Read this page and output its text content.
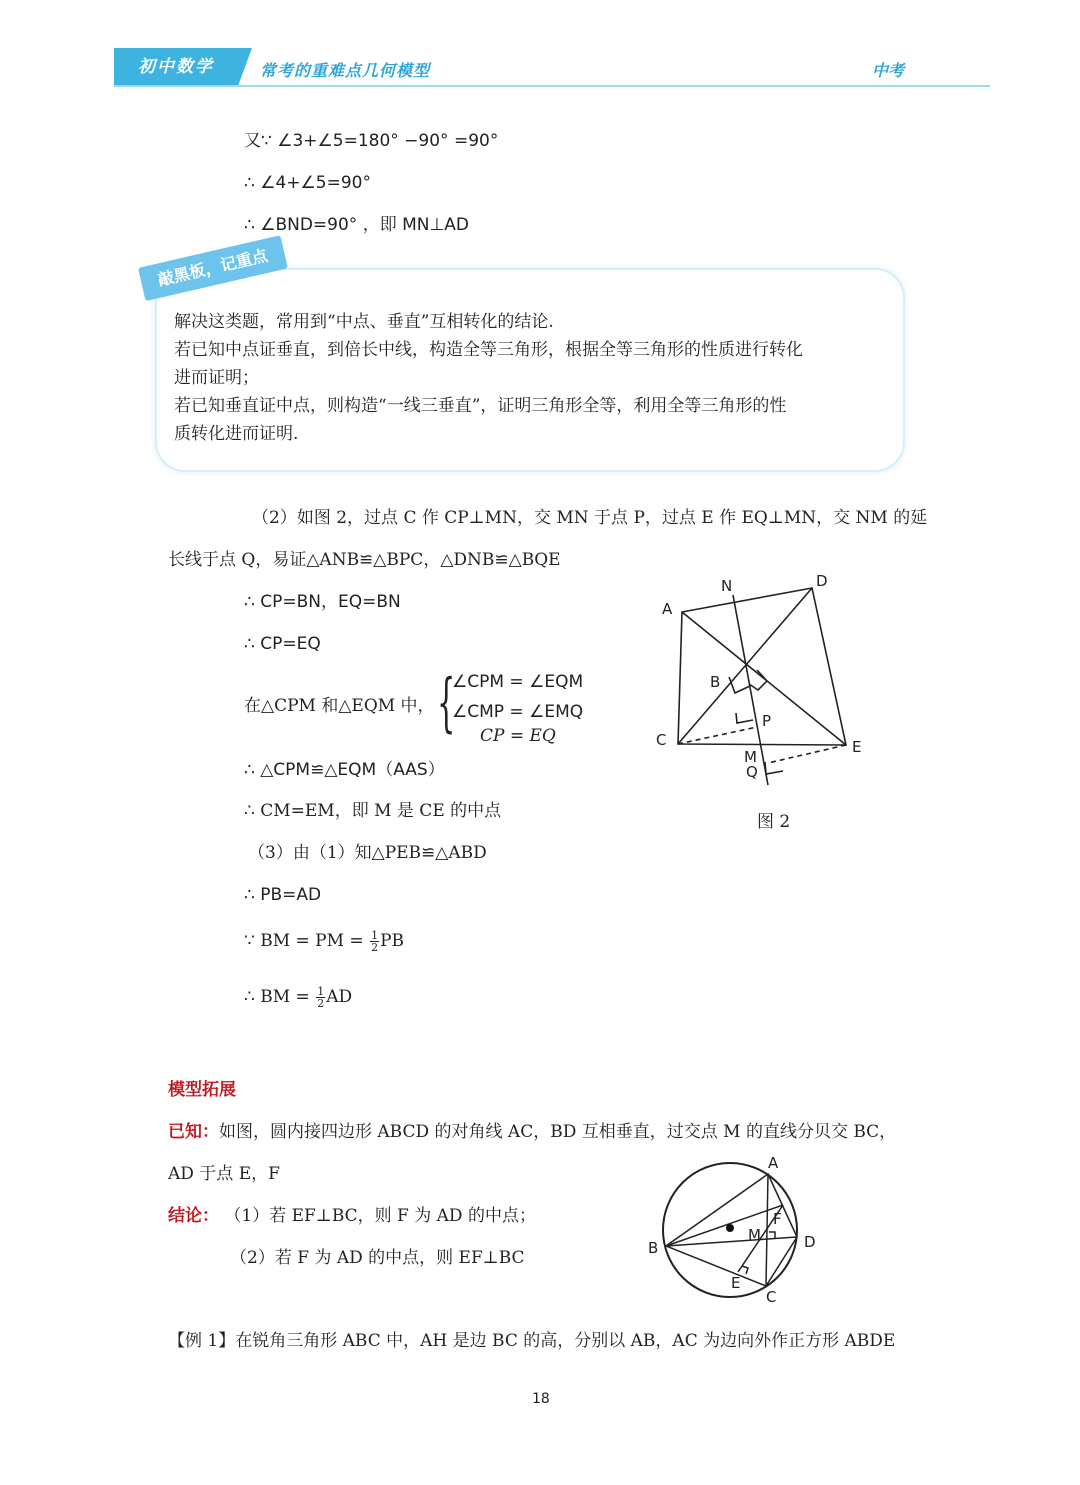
初中数学	常考的重难点几何模型	中考
又∵ ∠3+∠5=180° −90° =90°
∴ ∠4+∠5=90°
∴ ∠BND=90° ，即 MN⊥AD
敲黑板，记重点
解决这类题，常用到“中点、垂直”互相转化的结论.
若已知中点证垂直，到倍长中线，构造全等三角形，根据全等三角形的性质进行转化
进而证明；
若已知垂直证中点，则构造“一线三垂直”，证明三角形全等，利用全等三角形的性
质转化进而证明.
（2）如图 2，过点 C 作 CP⊥MN，交 MN 于点 P，过点 E 作 EQ⊥MN，交 NM 的延
长线于点 Q，易证△ANB≌△BPC，△DNB≌△BQE
∴ CP=BN，EQ=BN
∴ CP=EQ
在△CPM 和△EQM 中， {
∠CPM = ∠EQM
∠CMP = ∠EMQ
CP = EQ
∴ △CPM≌△EQM（AAS）
∴ CM=EM，即 M 是 CE 的中点
（3）由（1）知△PEB≌△ABD
∴ PB=AD
∵ BM = PM = $\frac{1}{2}$ PB
∴ BM = $\frac{1}{2}$ AD
A
N	D
B
P
C
M
Q
E
图 2
模型拓展
已知：如图，圆内接四边形 ABCD 的对角线 AC，BD 互相垂直，过交点 M 的直线分贝交 BC，
AD 于点 E，F
结论： （1）若 EF⊥BC，则 F 为 AD 的中点；
（2）若 F 为 AD 的中点，则 EF⊥BC
A
B
C
D
E
F
M
【例 1】在锐角三角形 ABC 中，AH 是边 BC 的高，分别以 AB，AC 为边向外作正方形 ABDE
18
